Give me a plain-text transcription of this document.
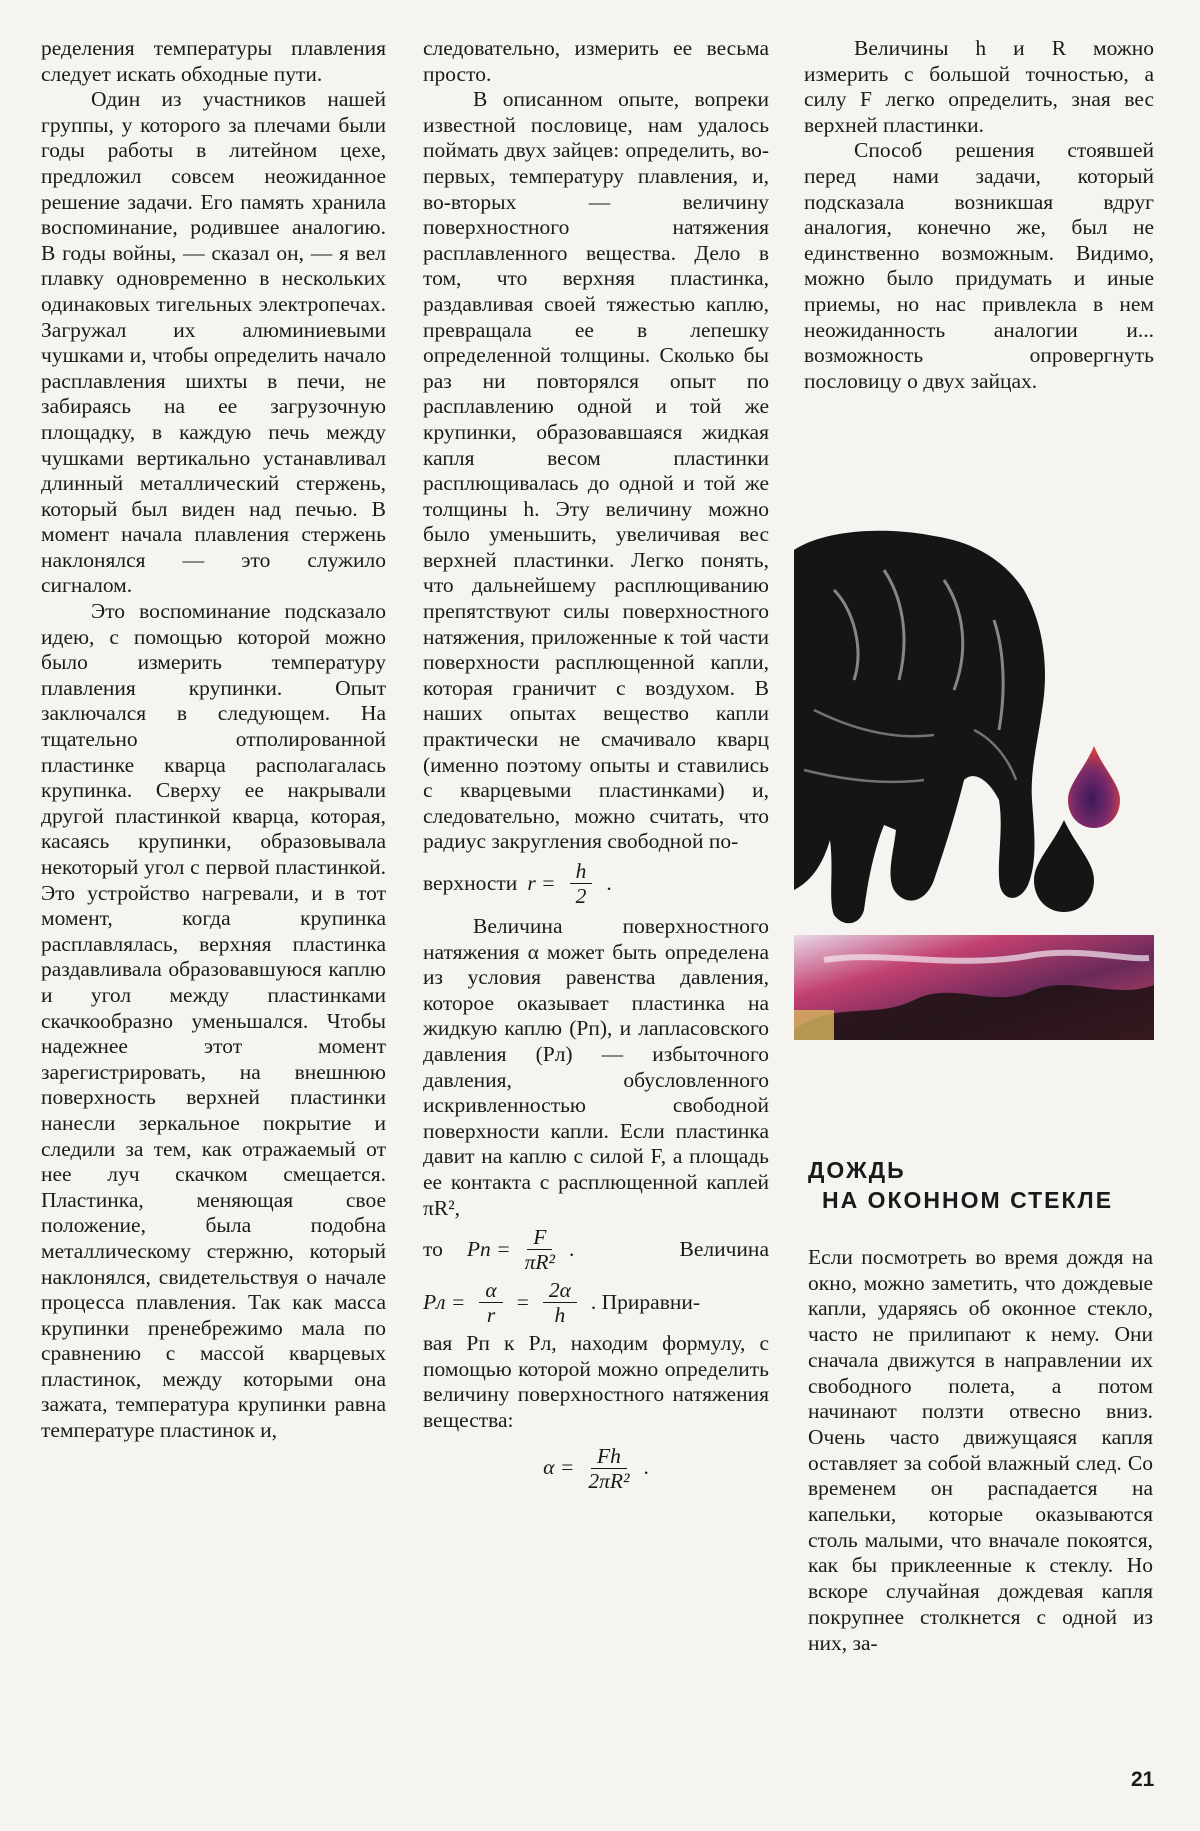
ределения температуры плавления следует искать обходные пути.

Один из участников нашей группы, у которого за плечами были годы работы в литейном цехе, предложил совсем неожиданное решение задачи. Его память хранила воспоминание, родившее аналогию. В годы войны, — сказал он, — я вел плавку одновременно в нескольких одинаковых тигельных электропечах. Загружал их алюминиевыми чушками и, чтобы определить начало расплавления шихты в печи, не забираясь на ее загрузочную площадку, в каждую печь между чушками вертикально устанавливал длинный металлический стержень, который был виден над печью. В момент начала плавления стержень наклонялся — это служило сигналом.

Это воспоминание подсказало идею, с помощью которой можно было измерить температуру плавления крупинки. Опыт заключался в следующем. На тщательно отполированной пластинке кварца располагалась крупинка. Сверху ее накрывали другой пластинкой кварца, которая, касаясь крупинки, образовывала некоторый угол с первой пластинкой. Это устройство нагревали, и в тот момент, когда крупинка расплавлялась, верхняя пластинка раздавливала образовавшуюся каплю и угол между пластинками скачкообразно уменьшался. Чтобы надежнее этот момент зарегистрировать, на внешнюю поверхность верхней пластинки нанесли зеркальное покрытие и следили за тем, как отражаемый от нее луч скачком смещается. Пластинка, меняющая свое положение, была подобна металлическому стержню, который наклонялся, свидетельствуя о начале процесса плавления. Так как масса крупинки пренебрежимо мала по сравнению с массой кварцевых пластинок, между которыми она зажата, температура крупинки равна температуре пластинок и,

следовательно, измерить ее весьма просто.

В описанном опыте, вопреки известной пословице, нам удалось поймать двух зайцев: определить, во-первых, температуру плавления, и, во-вторых — величину поверхностного натяжения расплавленного вещества. Дело в том, что верхняя пластинка, раздавливая своей тяжестью каплю, превращала ее в лепешку определенной толщины. Сколько бы раз ни повторялся опыт по расплавлению одной и той же крупинки, образовавшаяся жидкая капля весом пластинки расплющивалась до одной и той же толщины h. Эту величину можно было уменьшить, увеличивая вес верхней пластинки. Легко понять, что дальнейшему расплющиванию препятствуют силы поверхностного натяжения, приложенные к той части поверхности расплющенной капли, которая граничит с воздухом. В наших опытах вещество капли практически не смачивало кварц (именно поэтому опыты и ставились с кварцевыми пластинками) и, следовательно, можно считать, что радиус закругления свободной по-

верхности $r = \frac{h}{2}$ .

Величина поверхностного натяжения α может быть определена из условия равенства давления, которое оказывает пластинка на жидкую каплю (Pп), и лапласовского давления (Pл) — избыточного давления, обусловленного искривленностью свободной поверхности капли. Если пластинка давит на каплю с силой F, а площадь ее контакта с расплющенной каплей πR²,

то Pп = $\frac{F}{\text{πR²}}$ .	Величина
Pл = $\frac{\alpha}{r} = \frac{2\alpha}{h}$ . Приравни-

вая Pп к Pл, находим формулу, с помощью которой можно определить величину поверхностного натяжения вещества:

$\alpha = \frac{Fh}{\text{2πR²}}$ .

Величины h и R можно измерить с большой точностью, а силу F легко определить, зная вес верхней пластинки.

Способ решения стоявшей перед нами задачи, который подсказала возникшая вдруг аналогия, конечно же, был не единственно возможным. Видимо, можно было придумать и иные приемы, но нас привлекла в нем неожиданность аналогии и... возможность опровергнуть пословицу о двух зайцах.

ДОЖДЬ
НА ОКОННОМ СТЕКЛЕ

Если посмотреть во время дождя на окно, можно заметить, что дождевые капли, ударяясь об оконное стекло, часто не прилипают к нему. Они сначала движутся в направлении их свободного полета, а потом начинают ползти отвесно вниз. Очень часто движущаяся капля оставляет за собой влажный след. Со временем он распадается на капельки, которые оказываются столь малыми, что вначале покоятся, как бы приклеенные к стеклу. Но вскоре случайная дождевая капля покрупнее столкнется с одной из них, за-

21
